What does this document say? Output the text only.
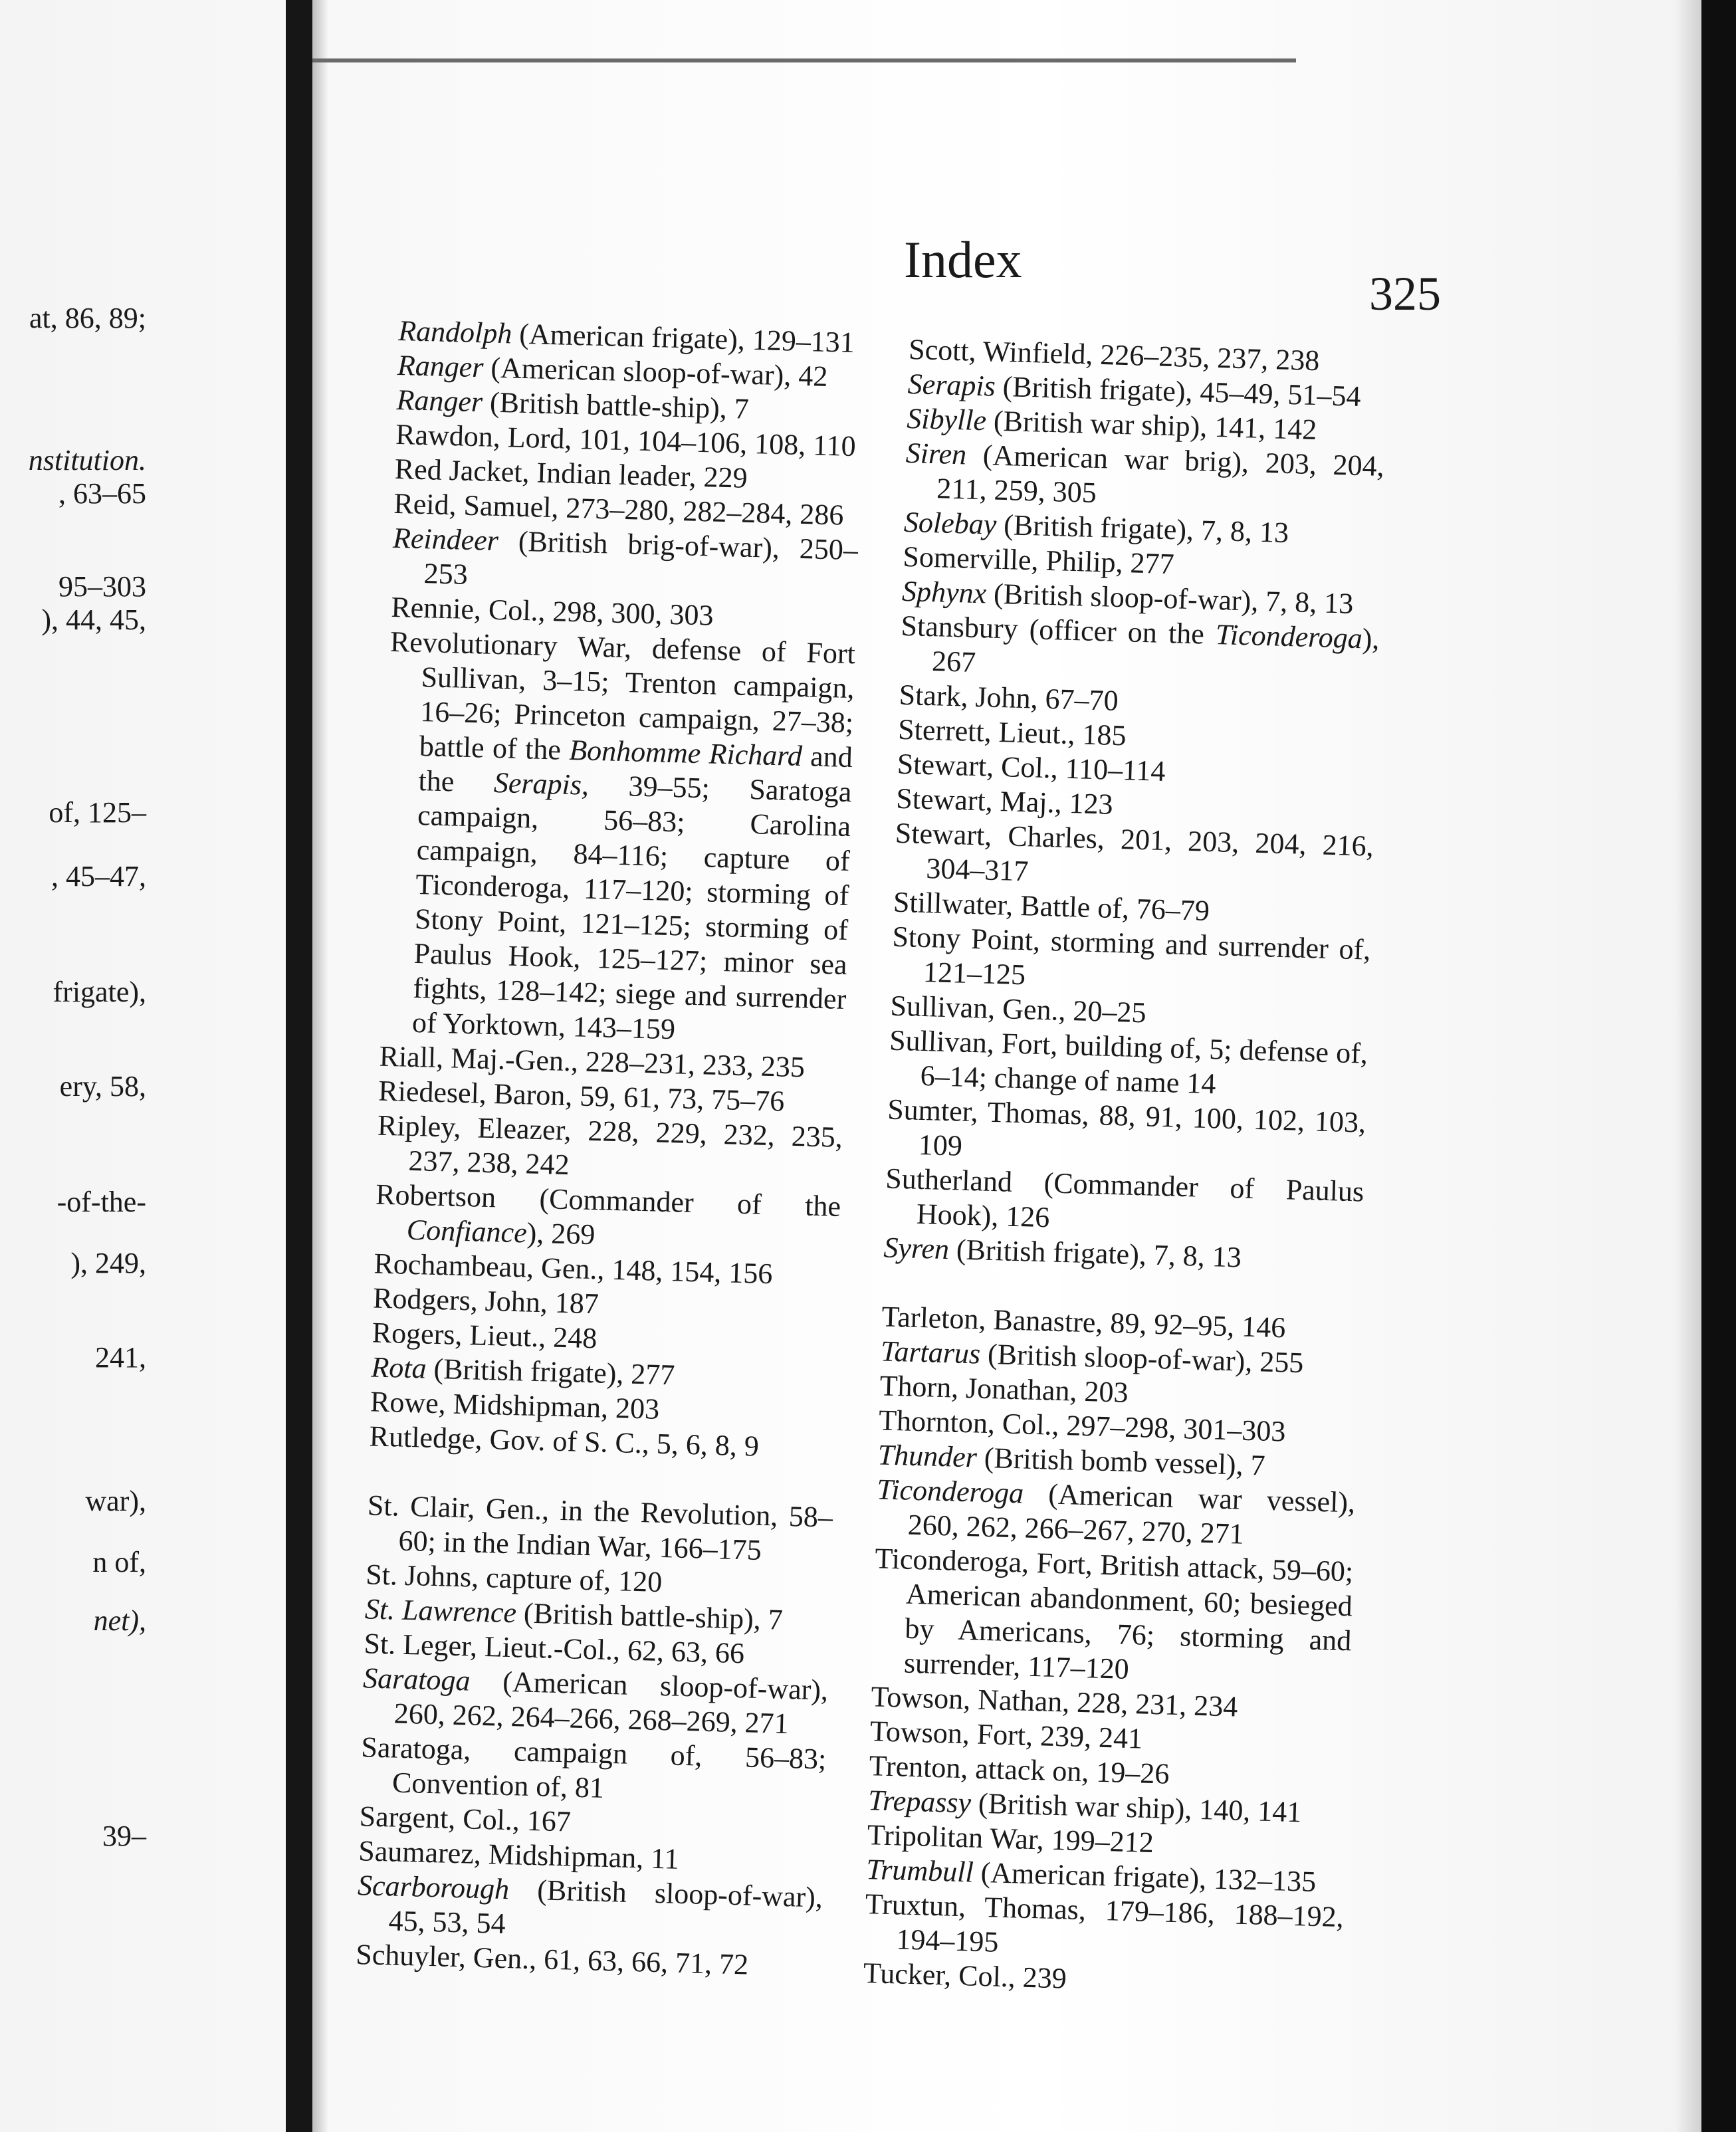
at, 86, 89;
nstitution.
, 63–65
95–303
), 44, 45,
of, 125–
, 45–47,
frigate),
ery, 58,
-of-the-
), 249,
241,
war),
n of,
net),
39–
Index
325

Randolph (American frigate), 129–131

Ranger (American sloop-of-war), 42

Ranger (British battle-ship), 7

Rawdon, Lord, 101, 104–106, 108, 110

Red Jacket, Indian leader, 229

Reid, Samuel, 273–280, 282–284, 286

Reindeer (British brig-of-war), 250–253

Rennie, Col., 298, 300, 303

Revolutionary War, defense of Fort Sullivan, 3–15; Trenton campaign, 16–26; Princeton campaign, 27–38; battle of the Bonhomme Richard and the Serapis, 39–55; Saratoga campaign, 56–83; Carolina campaign, 84–116; capture of Ticonderoga, 117–120; storming of Stony Point, 121–125; storming of Paulus Hook, 125–127; minor sea fights, 128–142; siege and surrender of Yorktown, 143–159

Riall, Maj.-Gen., 228–231, 233, 235

Riedesel, Baron, 59, 61, 73, 75–76

Ripley, Eleazer, 228, 229, 232, 235, 237, 238, 242

Robertson (Commander of the Confiance), 269

Rochambeau, Gen., 148, 154, 156

Rodgers, John, 187

Rogers, Lieut., 248

Rota (British frigate), 277

Rowe, Midshipman, 203

Rutledge, Gov. of S. C., 5, 6, 8, 9

St. Clair, Gen., in the Revolution, 58–60; in the Indian War, 166–175

St. Johns, capture of, 120

St. Lawrence (British battle-ship), 7

St. Leger, Lieut.-Col., 62, 63, 66

Saratoga (American sloop-of-war), 260, 262, 264–266, 268–269, 271

Saratoga, campaign of, 56–83; Convention of, 81

Sargent, Col., 167

Saumarez, Midshipman, 11

Scarborough (British sloop-of-war), 45, 53, 54

Schuyler, Gen., 61, 63, 66, 71, 72

Scott, Winfield, 226–235, 237, 238

Serapis (British frigate), 45–49, 51–54

Sibylle (British war ship), 141, 142

Siren (American war brig), 203, 204, 211, 259, 305

Solebay (British frigate), 7, 8, 13

Somerville, Philip, 277

Sphynx (British sloop-of-war), 7, 8, 13

Stansbury (officer on the Ticonderoga), 267

Stark, John, 67–70

Sterrett, Lieut., 185

Stewart, Col., 110–114

Stewart, Maj., 123

Stewart, Charles, 201, 203, 204, 216, 304–317

Stillwater, Battle of, 76–79

Stony Point, storming and surrender of, 121–125

Sullivan, Gen., 20–25

Sullivan, Fort, building of, 5; defense of, 6–14; change of name 14

Sumter, Thomas, 88, 91, 100, 102, 103, 109

Sutherland (Commander of Paulus Hook), 126

Syren (British frigate), 7, 8, 13

Tarleton, Banastre, 89, 92–95, 146

Tartarus (British sloop-of-war), 255

Thorn, Jonathan, 203

Thornton, Col., 297–298, 301–303

Thunder (British bomb vessel), 7

Ticonderoga (American war vessel), 260, 262, 266–267, 270, 271

Ticonderoga, Fort, British attack, 59–60; American abandonment, 60; besieged by Americans, 76; storming and surrender, 117–120

Towson, Nathan, 228, 231, 234

Towson, Fort, 239, 241

Trenton, attack on, 19–26

Trepassy (British war ship), 140, 141

Tripolitan War, 199–212

Trumbull (American frigate), 132–135

Truxtun, Thomas, 179–186, 188–192, 194–195

Tucker, Col., 239
